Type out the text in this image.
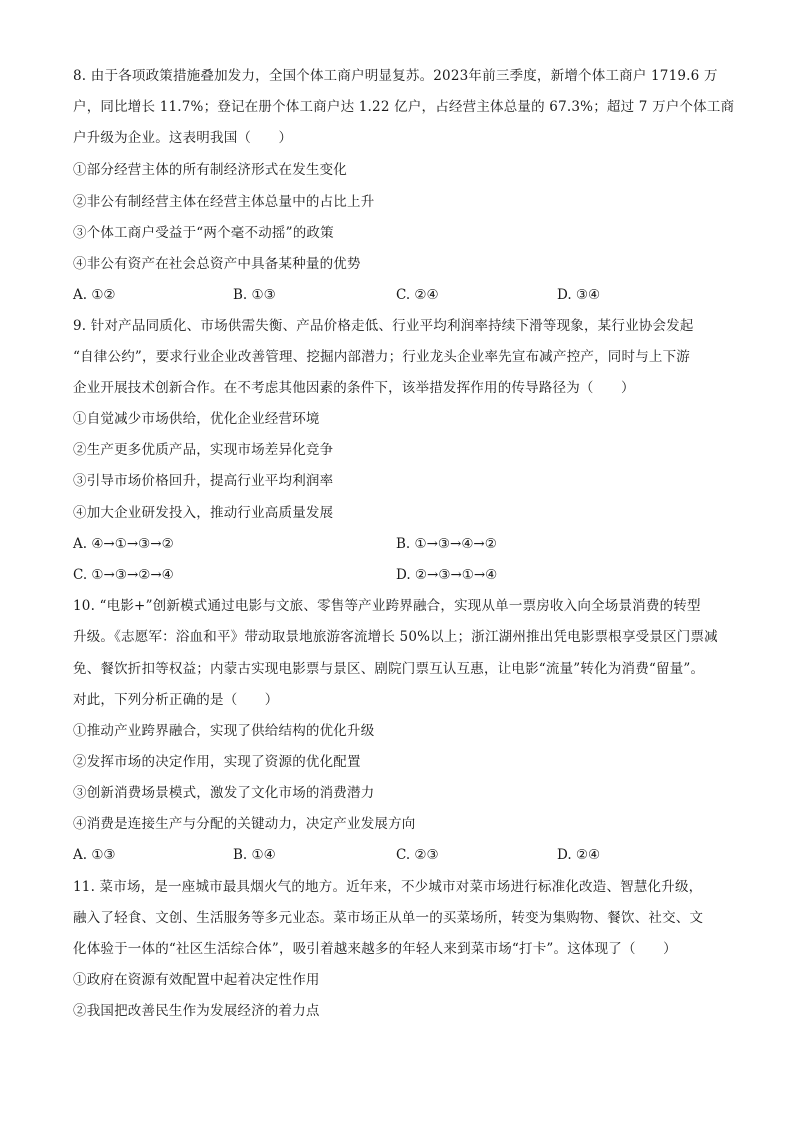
8. 由于各项政策措施叠加发力，全国个体工商户明显复苏。2023年前三季度，新增个体工商户 1719.6 万
户，同比增长 11.7%；登记在册个体工商户达 1.22 亿户，占经营主体总量的 67.3%；超过 7 万户个体工商
户升级为企业。这表明我国（　　）
①部分经营主体的所有制经济形式在发生变化
②非公有制经营主体在经营主体总量中的占比上升
③个体工商户受益于“两个毫不动摇”的政策
④非公有资产在社会总资产中具备某种量的优势
A. ①②	B. ①③	C. ②④	D. ③④
9. 针对产品同质化、市场供需失衡、产品价格走低、行业平均利润率持续下滑等现象，某行业协会发起
“自律公约”，要求行业企业改善管理、挖掘内部潜力；行业龙头企业率先宣布减产控产，同时与上下游
企业开展技术创新合作。在不考虑其他因素的条件下，该举措发挥作用的传导路径为（　　）
①自觉减少市场供给，优化企业经营环境
②生产更多优质产品，实现市场差异化竞争
③引导市场价格回升，提高行业平均利润率
④加大企业研发投入，推动行业高质量发展
A. ④→①→③→②	B. ①→③→④→②
C. ①→③→②→④	D. ②→③→①→④
10. “电影+”创新模式通过电影与文旅、零售等产业跨界融合，实现从单一票房收入向全场景消费的转型
升级。《志愿军：浴血和平》带动取景地旅游客流增长 50%以上；浙江湖州推出凭电影票根享受景区门票减
免、餐饮折扣等权益；内蒙古实现电影票与景区、剧院门票互认互惠，让电影“流量”转化为消费“留量”。
对此，下列分析正确的是（　　）
①推动产业跨界融合，实现了供给结构的优化升级
②发挥市场的决定作用，实现了资源的优化配置
③创新消费场景模式，激发了文化市场的消费潜力
④消费是连接生产与分配的关键动力，决定产业发展方向
A. ①③	B. ①④	C. ②③	D. ②④
11. 菜市场，是一座城市最具烟火气的地方。近年来，不少城市对菜市场进行标准化改造、智慧化升级，
融入了轻食、文创、生活服务等多元业态。菜市场正从单一的买菜场所，转变为集购物、餐饮、社交、文
化体验于一体的“社区生活综合体”，吸引着越来越多的年轻人来到菜市场“打卡”。这体现了（　　）
①政府在资源有效配置中起着决定性作用
②我国把改善民生作为发展经济的着力点
